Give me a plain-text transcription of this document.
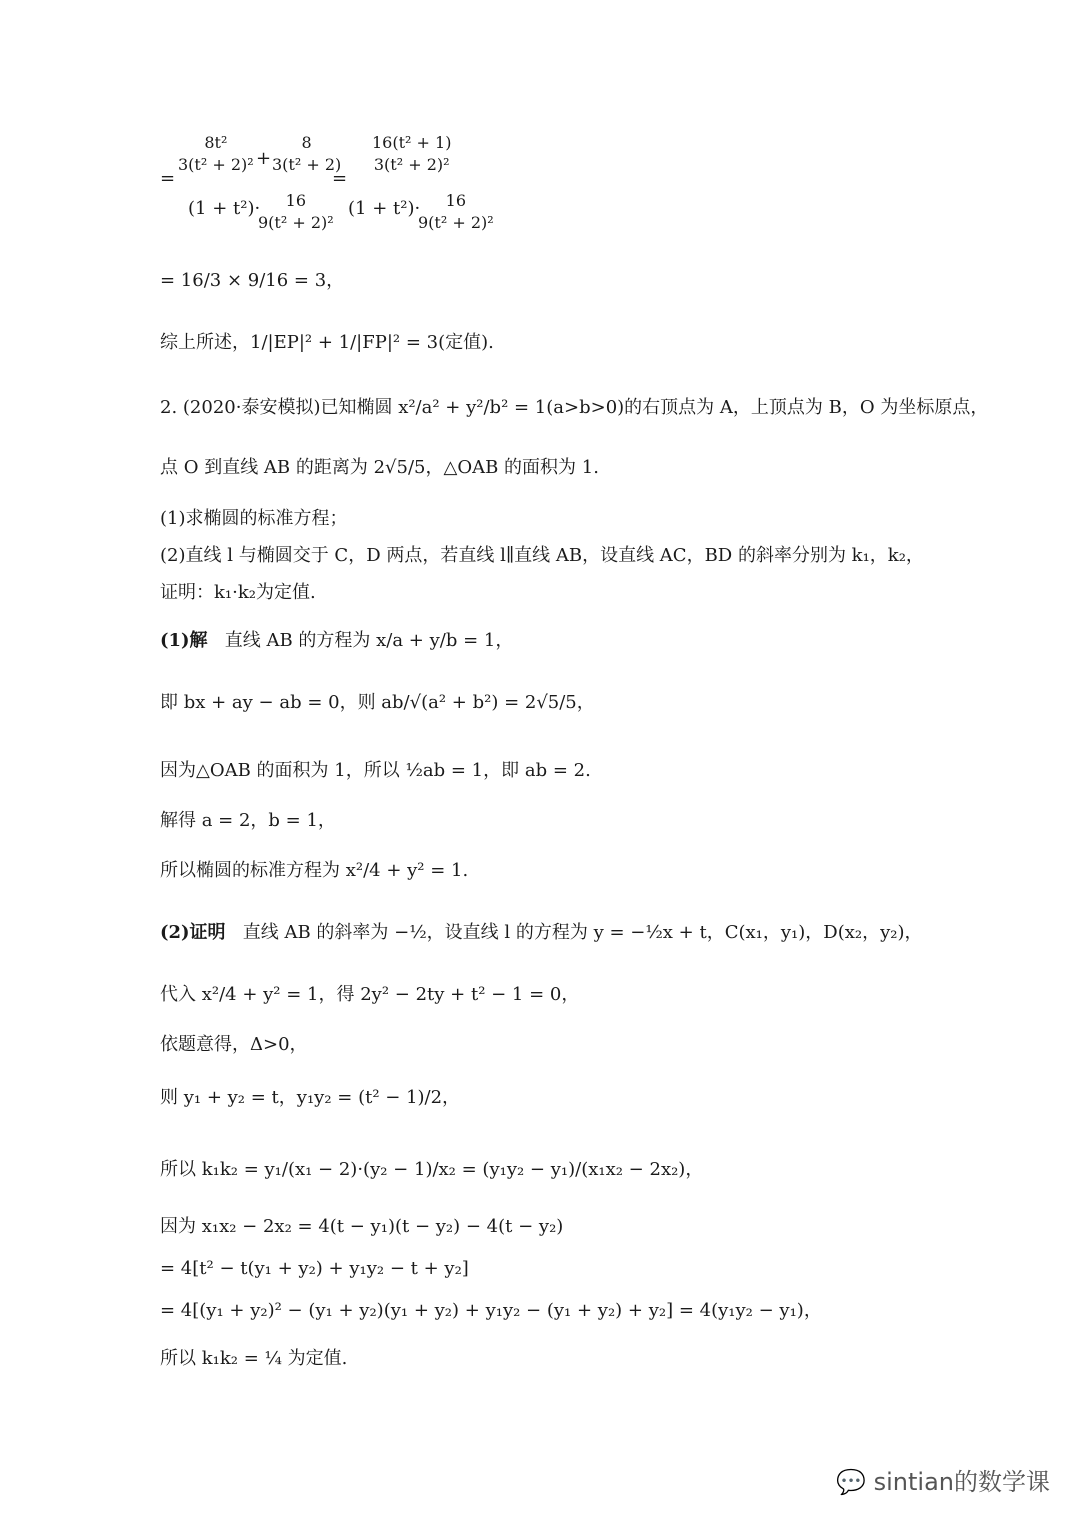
=
8t²
3(t² + 2)² +
8
3(t² + 2)
=
16(t² + 1)
3(t² + 2)²
(1 + t²)·	16
9(t² + 2)²
(1 + t²)·	16
9(t² + 2)²
= 16/3 × 9/16 = 3，
综上所述，1/|EP|² + 1/|FP|² = 3(定值).
2. (2020·泰安模拟)已知椭圆 x²/a² + y²/b² = 1(a>b>0)的右顶点为 A，上顶点为 B，O 为坐标原点，
点 O 到直线 AB 的距离为 2√5/5，△OAB 的面积为 1.
(1)求椭圆的标准方程；
(2)直线 l 与椭圆交于 C，D 两点，若直线 l∥直线 AB，设直线 AC，BD 的斜率分别为 k₁，k₂，
证明：k₁·k₂为定值.
(1)解 直线 AB 的方程为 x/a + y/b = 1，
即 bx + ay − ab = 0，则 ab/√(a² + b²) = 2√5/5，
因为△OAB 的面积为 1，所以 ½ab = 1，即 ab = 2.
解得 a = 2，b = 1，
所以椭圆的标准方程为 x²/4 + y² = 1.
(2)证明 直线 AB 的斜率为 −½，设直线 l 的方程为 y = −½x + t，C(x₁，y₁)，D(x₂，y₂)，
代入 x²/4 + y² = 1，得 2y² − 2ty + t² − 1 = 0，
依题意得，Δ>0，
则 y₁ + y₂ = t，y₁y₂ = (t² − 1)/2，
所以 k₁k₂ = y₁/(x₁ − 2)·(y₂ − 1)/x₂ = (y₁y₂ − y₁)/(x₁x₂ − 2x₂)，
因为 x₁x₂ − 2x₂ = 4(t − y₁)(t − y₂) − 4(t − y₂)
= 4[t² − t(y₁ + y₂) + y₁y₂ − t + y₂]
= 4[(y₁ + y₂)² − (y₁ + y₂)(y₁ + y₂) + y₁y₂ − (y₁ + y₂) + y₂] = 4(y₁y₂ − y₁)，
所以 k₁k₂ = ¼ 为定值.
💬 sintian的数学课
